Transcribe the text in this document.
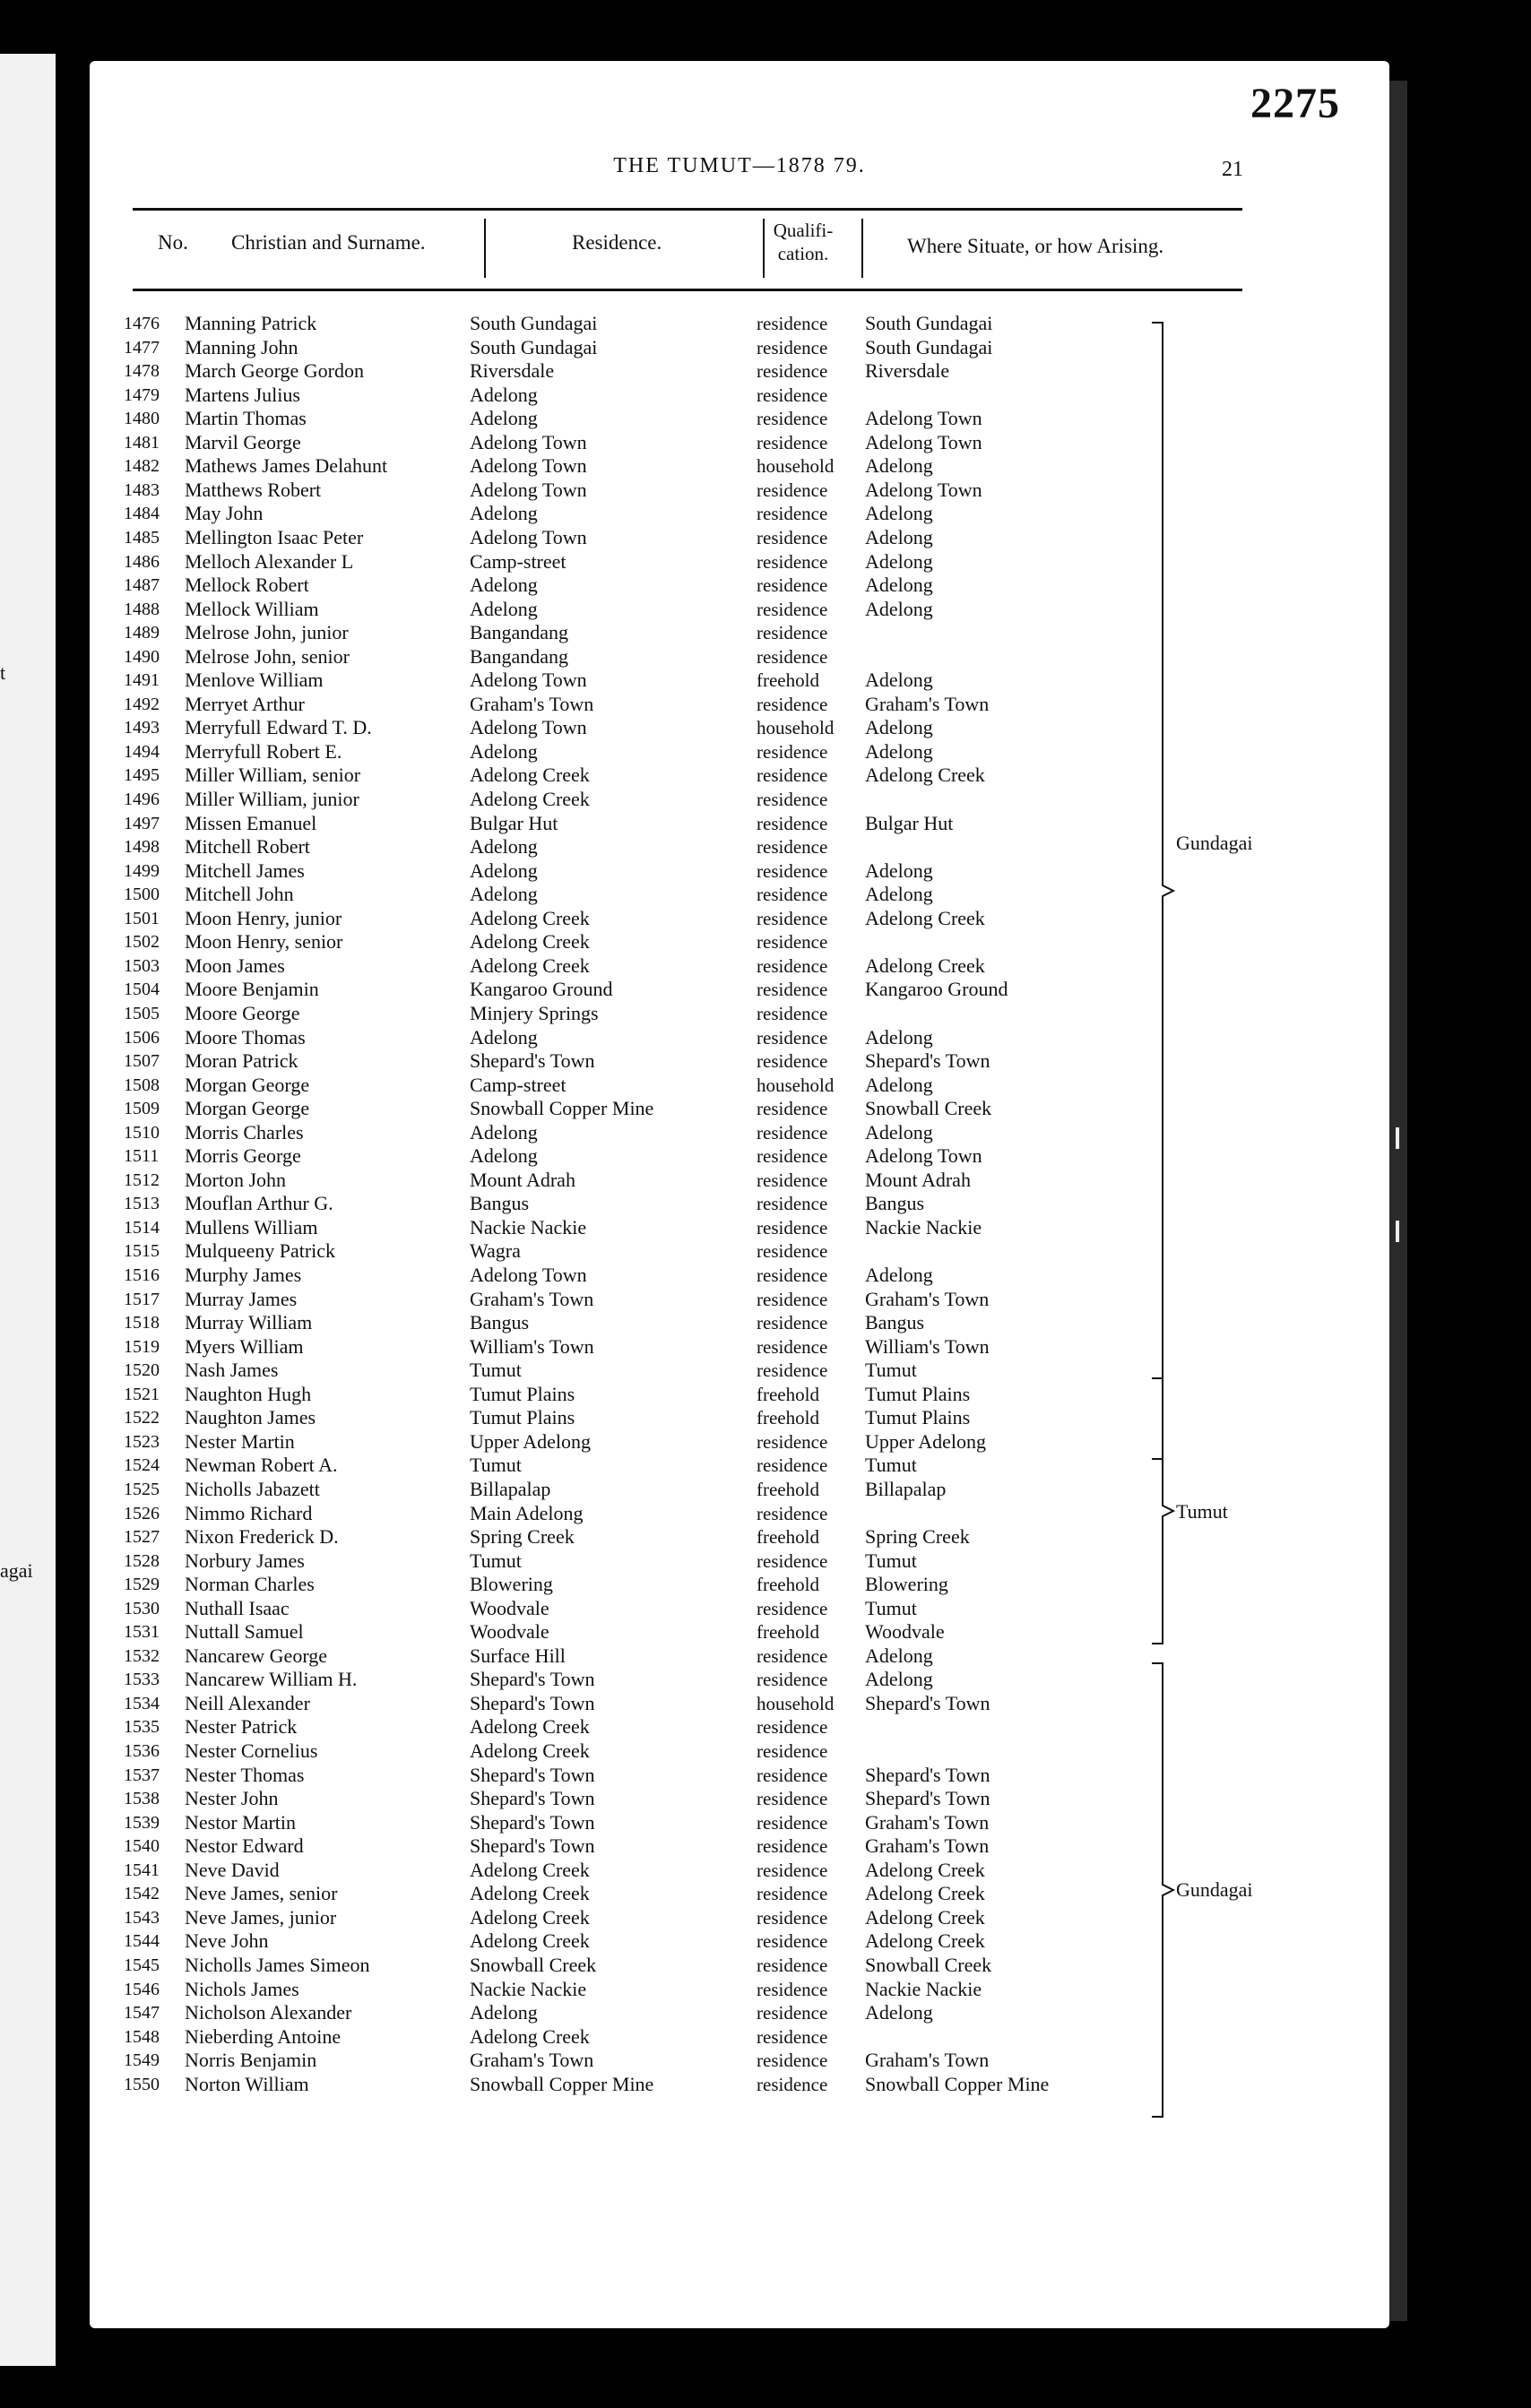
t
agai
2275
THE TUMUT—1878 79.	21
No. Christian and Surname.	Residence.
Qualifi-
cation.	Where Situate, or how Arising.
1476 Manning Patrick	South Gundagai	residence South Gundagai
1477 Manning John	South Gundagai	residence South Gundagai
1478 March George Gordon	Riversdale	residence Riversdale
1479 Martens Julius	Adelong	residence
1480 Martin Thomas	Adelong	residence Adelong Town
1481 Marvil George	Adelong Town	residence Adelong Town
1482 Mathews James Delahunt	Adelong Town	household Adelong
1483 Matthews Robert	Adelong Town	residence Adelong Town
1484 May John	Adelong	residence Adelong
1485 Mellington Isaac Peter	Adelong Town	residence Adelong
1486 Melloch Alexander L	Camp-street	residence Adelong
1487 Mellock Robert	Adelong	residence Adelong
1488 Mellock William	Adelong	residence Adelong
1489 Melrose John, junior	Bangandang	residence
1490 Melrose John, senior	Bangandang	residence
1491 Menlove William	Adelong Town	freehold Adelong
1492 Merryet Arthur	Graham's Town	residence Graham's Town
1493 Merryfull Edward T. D.	Adelong Town	household Adelong
1494 Merryfull Robert E.	Adelong	residence Adelong
1495 Miller William, senior	Adelong Creek	residence Adelong Creek
1496 Miller William, junior	Adelong Creek	residence
1497 Missen Emanuel	Bulgar Hut	residence Bulgar Hut
1498 Mitchell Robert	Adelong	residence
1499 Mitchell James	Adelong	residence Adelong
1500 Mitchell John	Adelong	residence Adelong
1501 Moon Henry, junior	Adelong Creek	residence Adelong Creek
1502 Moon Henry, senior	Adelong Creek	residence
1503 Moon James	Adelong Creek	residence Adelong Creek
1504 Moore Benjamin	Kangaroo Ground	residence Kangaroo Ground
1505 Moore George	Minjery Springs	residence
1506 Moore Thomas	Adelong	residence Adelong
1507 Moran Patrick	Shepard's Town	residence Shepard's Town
1508 Morgan George	Camp-street	household Adelong
1509 Morgan George	Snowball Copper Mine	residence Snowball Creek
1510 Morris Charles	Adelong	residence Adelong
1511 Morris George	Adelong	residence Adelong Town
1512 Morton John	Mount Adrah	residence Mount Adrah
1513 Mouflan Arthur G.	Bangus	residence Bangus
1514 Mullens William	Nackie Nackie	residence Nackie Nackie
1515 Mulqueeny Patrick	Wagra	residence
1516 Murphy James	Adelong Town	residence Adelong
1517 Murray James	Graham's Town	residence Graham's Town
1518 Murray William	Bangus	residence Bangus
1519 Myers William	William's Town	residence William's Town
1520 Nash James	Tumut	residence Tumut
1521 Naughton Hugh	Tumut Plains	freehold Tumut Plains
1522 Naughton James	Tumut Plains	freehold Tumut Plains
1523 Nester Martin	Upper Adelong	residence Upper Adelong
1524 Newman Robert A.	Tumut	residence Tumut
1525 Nicholls Jabazett	Billapalap	freehold Billapalap
1526 Nimmo Richard	Main Adelong	residence
1527 Nixon Frederick D.	Spring Creek	freehold Spring Creek
1528 Norbury James	Tumut	residence Tumut
1529 Norman Charles	Blowering	freehold Blowering
1530 Nuthall Isaac	Woodvale	residence Tumut
1531 Nuttall Samuel	Woodvale	freehold Woodvale
1532 Nancarew George	Surface Hill	residence Adelong
1533 Nancarew William H.	Shepard's Town	residence Adelong
1534 Neill Alexander	Shepard's Town	household Shepard's Town
1535 Nester Patrick	Adelong Creek	residence
1536 Nester Cornelius	Adelong Creek	residence
1537 Nester Thomas	Shepard's Town	residence Shepard's Town
1538 Nester John	Shepard's Town	residence Shepard's Town
1539 Nestor Martin	Shepard's Town	residence Graham's Town
1540 Nestor Edward	Shepard's Town	residence Graham's Town
1541 Neve David	Adelong Creek	residence Adelong Creek
1542 Neve James, senior	Adelong Creek	residence Adelong Creek
1543 Neve James, junior	Adelong Creek	residence Adelong Creek
1544 Neve John	Adelong Creek	residence Adelong Creek
1545 Nicholls James Simeon	Snowball Creek	residence Snowball Creek
1546 Nichols James	Nackie Nackie	residence Nackie Nackie
1547 Nicholson Alexander	Adelong	residence Adelong
1548 Nieberding Antoine	Adelong Creek	residence
1549 Norris Benjamin	Graham's Town	residence Graham's Town
1550 Norton William	Snowball Copper Mine	residence Snowball Copper Mine
Gundagai
Tumut
Gundagai
